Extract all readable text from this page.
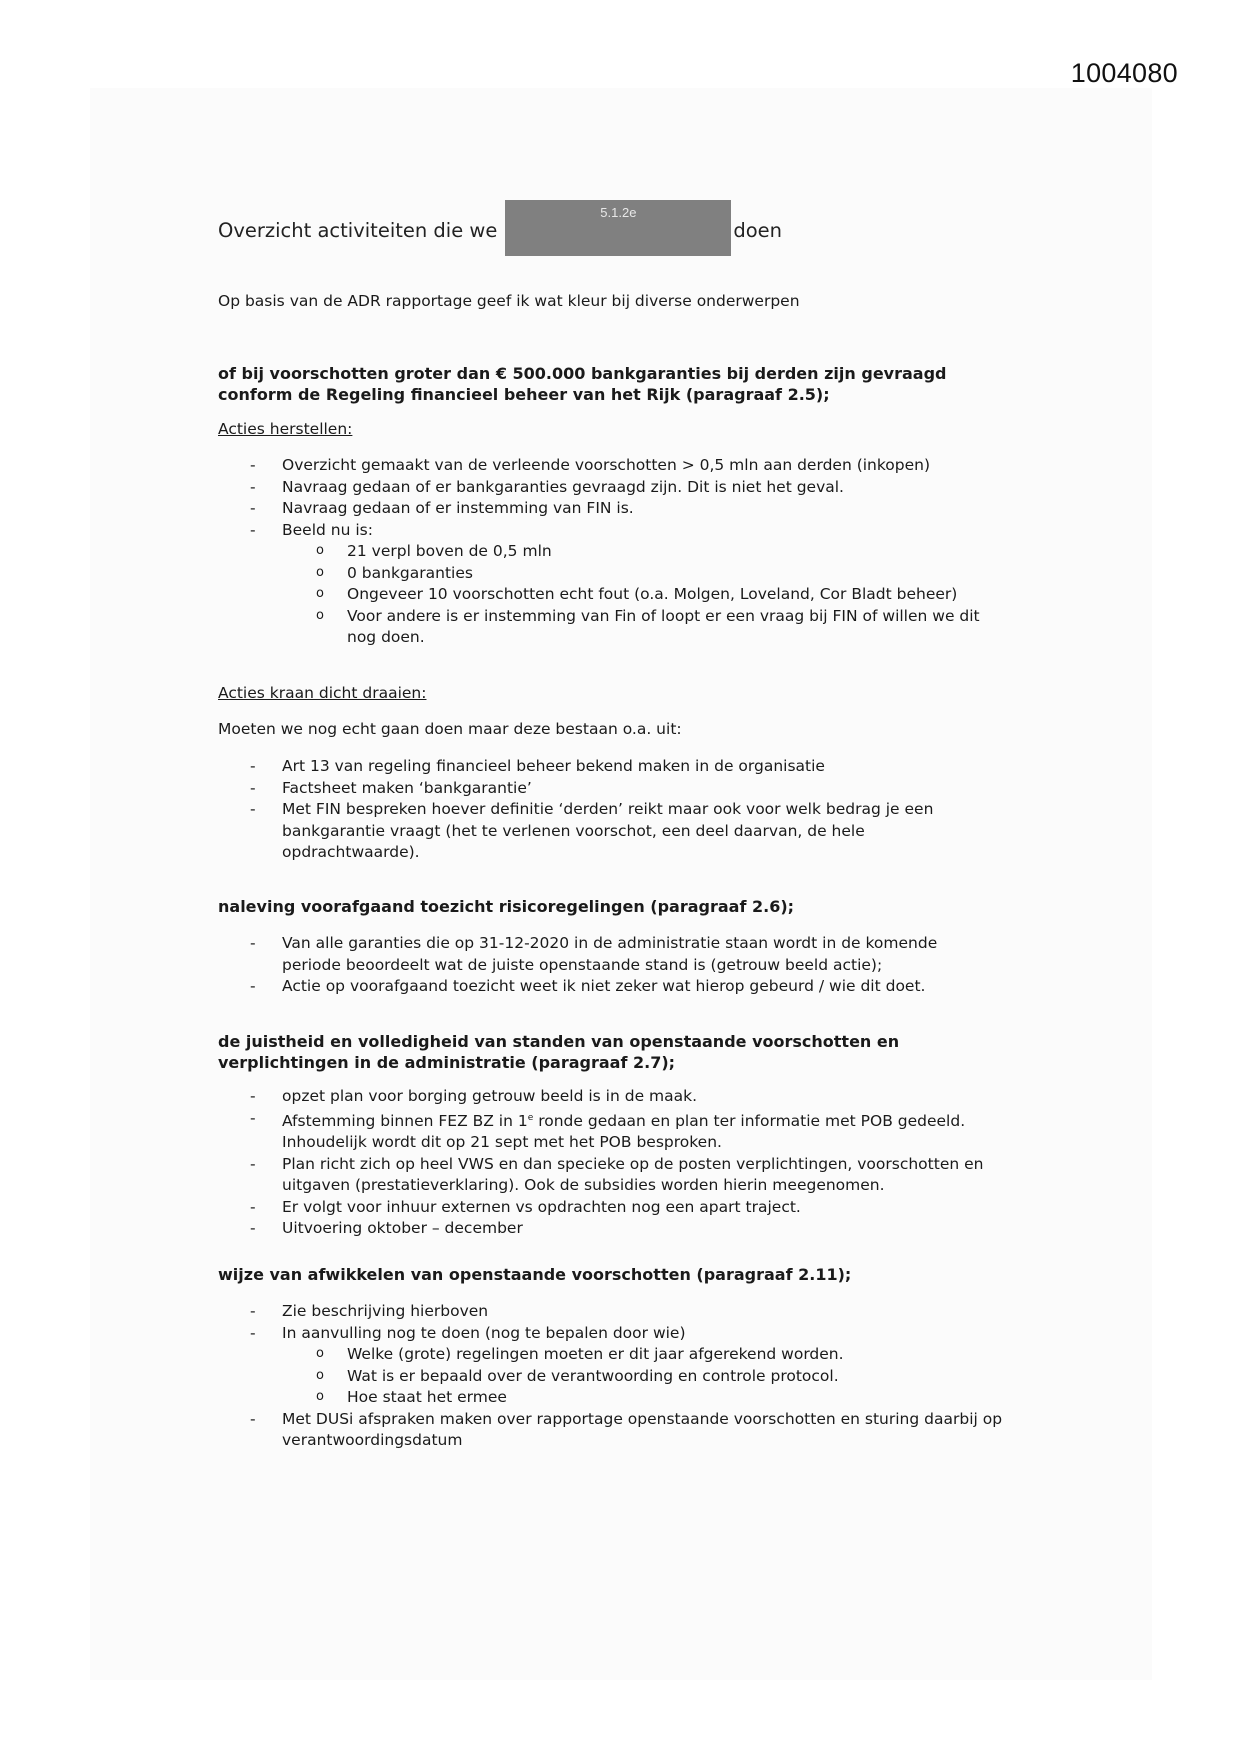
1004080
Overzicht activiteiten die we
5.1.2e
doen
Op basis van de ADR rapportage geef ik wat kleur bij diverse onderwerpen
of bij voorschotten groter dan € 500.000 bankgaranties bij derden zijn gevraagd
conform de Regeling financieel beheer van het Rijk (paragraaf 2.5);
Acties herstellen:
- Overzicht gemaakt van de verleende voorschotten > 0,5 mln aan derden (inkopen)
- Navraag gedaan of er bankgaranties gevraagd zijn. Dit is niet het geval.
- Navraag gedaan of er instemming van FIN is.
- Beeld nu is:
o 21 verpl boven de 0,5 mln
o 0 bankgaranties
o Ongeveer 10 voorschotten echt fout (o.a. Molgen, Loveland, Cor Bladt beheer)
o Voor andere is er instemming van Fin of loopt er een vraag bij FIN of willen we dit nog doen.
Acties kraan dicht draaien:
Moeten we nog echt gaan doen maar deze bestaan o.a. uit:
- Art 13 van regeling financieel beheer bekend maken in de organisatie
- Factsheet maken ‘bankgarantie’
- Met FIN bespreken hoever definitie ‘derden’ reikt maar ook voor welk bedrag je een bankgarantie vraagt (het te verlenen voorschot, een deel daarvan, de hele opdrachtwaarde).
naleving voorafgaand toezicht risicoregelingen (paragraaf 2.6);
- Van alle garanties die op 31-12-2020 in de administratie staan wordt in de komende periode beoordeelt wat de juiste openstaande stand is (getrouw beeld actie);
- Actie op voorafgaand toezicht weet ik niet zeker wat hierop gebeurd / wie dit doet.
de juistheid en volledigheid van standen van openstaande voorschotten en
verplichtingen in de administratie (paragraaf 2.7);
- opzet plan voor borging getrouw beeld is in de maak.
- Afstemming binnen FEZ BZ in 1e ronde gedaan en plan ter informatie met POB gedeeld. Inhoudelijk wordt dit op 21 sept met het POB besproken.
- Plan richt zich op heel VWS en dan specieke op de posten verplichtingen, voorschotten en uitgaven (prestatieverklaring). Ook de subsidies worden hierin meegenomen.
- Er volgt voor inhuur externen vs opdrachten nog een apart traject.
- Uitvoering oktober – december
wijze van afwikkelen van openstaande voorschotten (paragraaf 2.11);
- Zie beschrijving hierboven
- In aanvulling nog te doen (nog te bepalen door wie)
o Welke (grote) regelingen moeten er dit jaar afgerekend worden.
o Wat is er bepaald over de verantwoording en controle protocol.
o Hoe staat het ermee
- Met DUSi afspraken maken over rapportage openstaande voorschotten en sturing daarbij op verantwoordingsdatum
